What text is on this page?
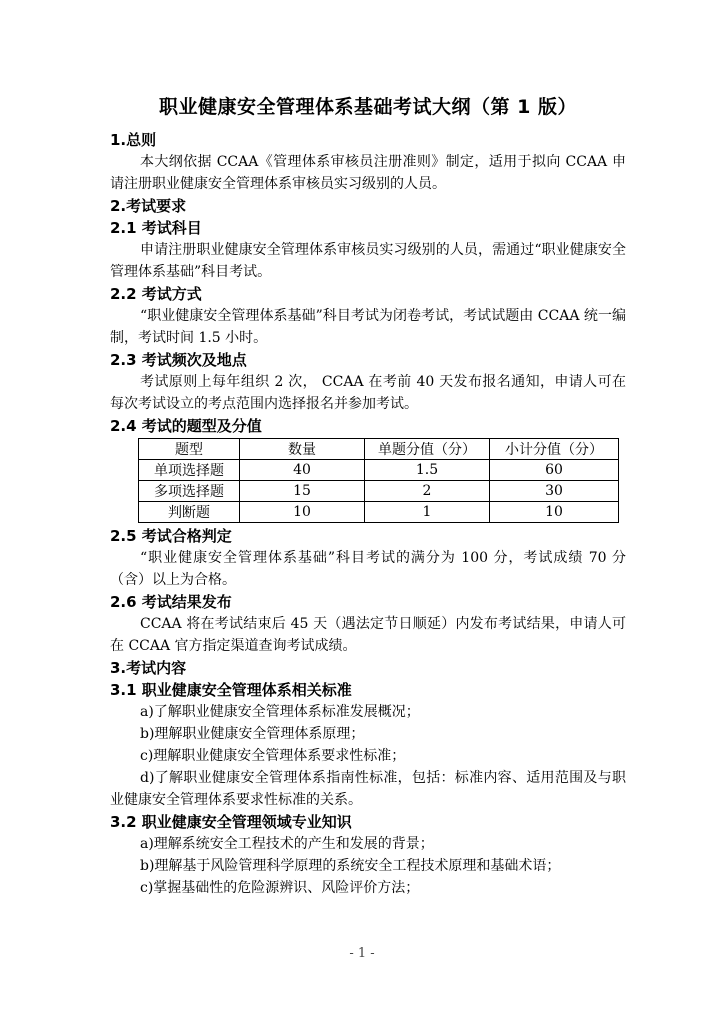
职业健康安全管理体系基础考试大纲（第 1 版）

1.总则

本大纲依据 CCAA《管理体系审核员注册准则》制定，适用于拟向 CCAA 申请注册职业健康安全管理体系审核员实习级别的人员。

2.考试要求

2.1 考试科目

申请注册职业健康安全管理体系审核员实习级别的人员，需通过“职业健康安全管理体系基础”科目考试。

2.2 考试方式

“职业健康安全管理体系基础”科目考试为闭卷考试，考试试题由 CCAA 统一编制，考试时间 1.5 小时。

2.3 考试频次及地点

考试原则上每年组织 2 次， CCAA 在考前 40 天发布报名通知，申请人可在每次考试设立的考点范围内选择报名并参加考试。

2.4 考试的题型及分值

题型	数量	单题分值（分）	小计分值（分）
单项选择题	40	1.5	60
多项选择题	15	2	30
判断题	10	1	10

2.5 考试合格判定

“职业健康安全管理体系基础”科目考试的满分为 100 分，考试成绩 70 分（含）以上为合格。

2.6 考试结果发布

CCAA 将在考试结束后 45 天（遇法定节日顺延）内发布考试结果，申请人可在 CCAA 官方指定渠道查询考试成绩。

3.考试内容

3.1 职业健康安全管理体系相关标准

a)了解职业健康安全管理体系标准发展概况；

b)理解职业健康安全管理体系原理；

c)理解职业健康安全管理体系要求性标准；

d)了解职业健康安全管理体系指南性标准，包括：标准内容、适用范围及与职业健康安全管理体系要求性标准的关系。

3.2 职业健康安全管理领域专业知识

a)理解系统安全工程技术的产生和发展的背景；

b)理解基于风险管理科学原理的系统安全工程技术原理和基础术语；

c)掌握基础性的危险源辨识、风险评价方法；

- 1 -
